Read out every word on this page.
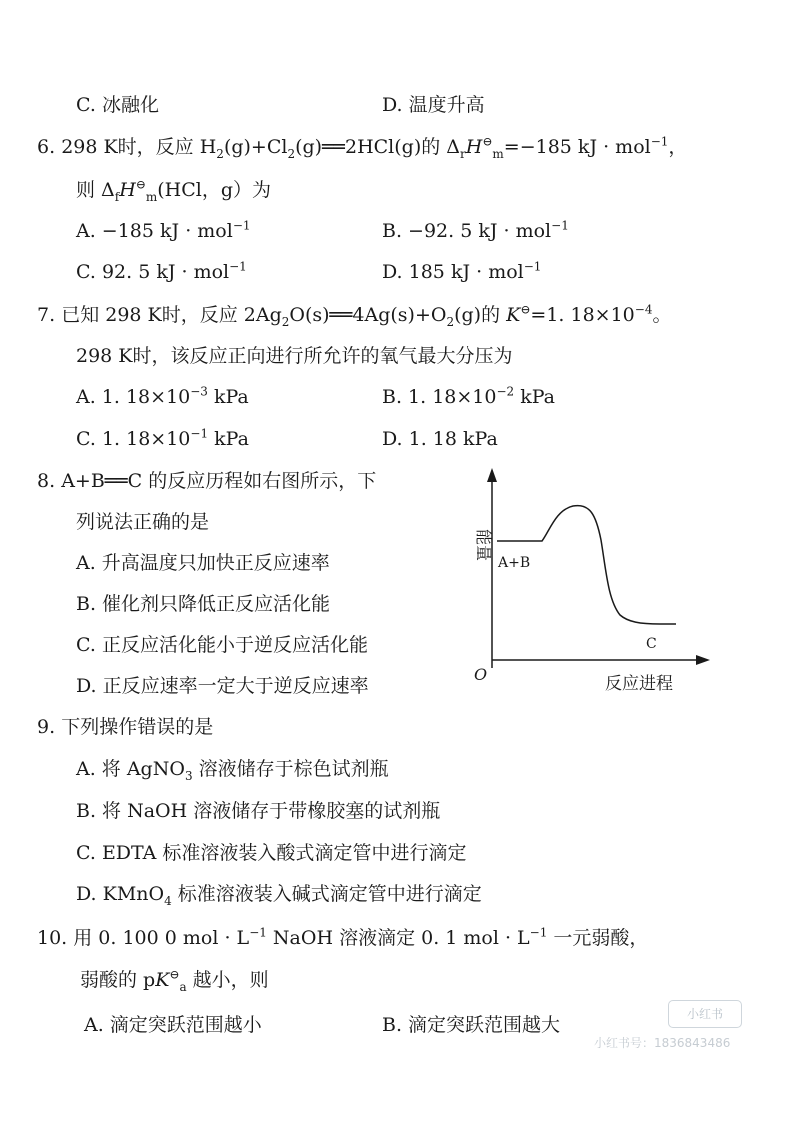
C. 冰融化	D. 温度升高
6. 298 K时，反应 $H_2(g)+Cl_2(g)══2HCl(g)$的 $\Delta_rH^⊖_m=-185$ kJ · mol$^{-1}$，
则 $\Delta_fH^⊖_m(HCl$，g）为
A. −185 kJ · mol$^{-1}$	B. −92. 5 kJ · mol$^{-1}$
C. 92. 5 kJ · mol$^{-1}$	D. 185 kJ · mol$^{-1}$
7. 已知 298 K时，反应 $2Ag_2O(s)══4Ag(s)+O_2(g)$的 K⊖=1. $18\times 10^{-4}$。
298 K时，该反应正向进行所允许的氧气最大分压为
A. 1. $18\times 10^{-3}$ kPa	B. 1. $18\times 10^{-2}$ kPa
C. 1. $18\times 10^{-1}$ kPa	D. 1. 18 kPa
8. A+B══C 的反应历程如右图所示，下
列说法正确的是
A. 升高温度只加快正反应速率
B. 催化剂只降低正反应活化能
C. 正反应活化能小于逆反应活化能
D. 正反应速率一定大于逆反应速率
能量
A+B
C
O	反应进程
9. 下列操作错误的是
A. 将 AgNO$_3$ 溶液储存于棕色试剂瓶
B. 将 NaOH 溶液储存于带橡胶塞的试剂瓶
C. EDTA 标准溶液装入酸式滴定管中进行滴定
D. KMnO$_4$ 标准溶液装入碱式滴定管中进行滴定
10. 用 0. 100 0 mol · $L^{-1}$ NaOH 溶液滴定 0. 1 mol · $L^{-1}$ 一元弱酸，
弱酸的 $pK^⊖_a$ 越小，则
A. 滴定突跃范围越小	B. 滴定突跃范围越大	小红书
小红书号：1836843486
